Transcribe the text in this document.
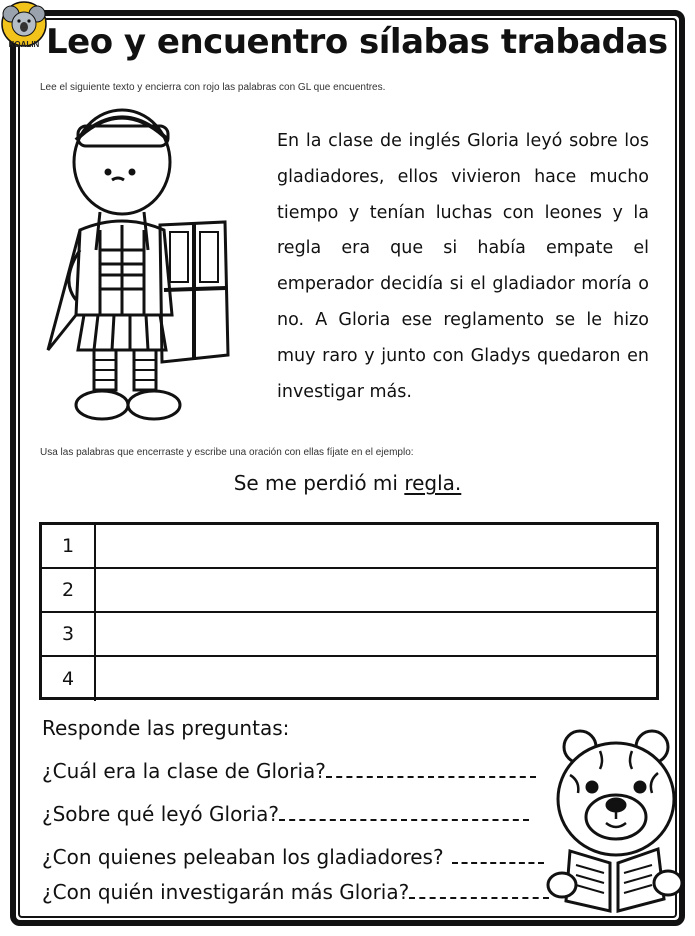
KOALIN Leo y encuentro sílabas trabadas
Lee el siguiente texto y encierra con rojo las palabras con GL que encuentres.
En la clase de inglés Gloria leyó sobre los gladiadores, ellos vivieron hace mucho tiempo y tenían luchas con leones y la regla era que si había empate el emperador decidía si el gladiador moría o no. A Gloria ese reglamento se le hizo muy raro y junto con Gladys quedaron en investigar más.
Usa las palabras que encerraste y escribe una oración con ellas fíjate en el ejemplo:
Se me perdió mi regla.
1
2
3
4
Responde las preguntas:
¿Cuál era la clase de Gloria?
¿Sobre qué leyó Gloria?
¿Con quienes peleaban los gladiadores?
¿Con quién investigarán más Gloria?
